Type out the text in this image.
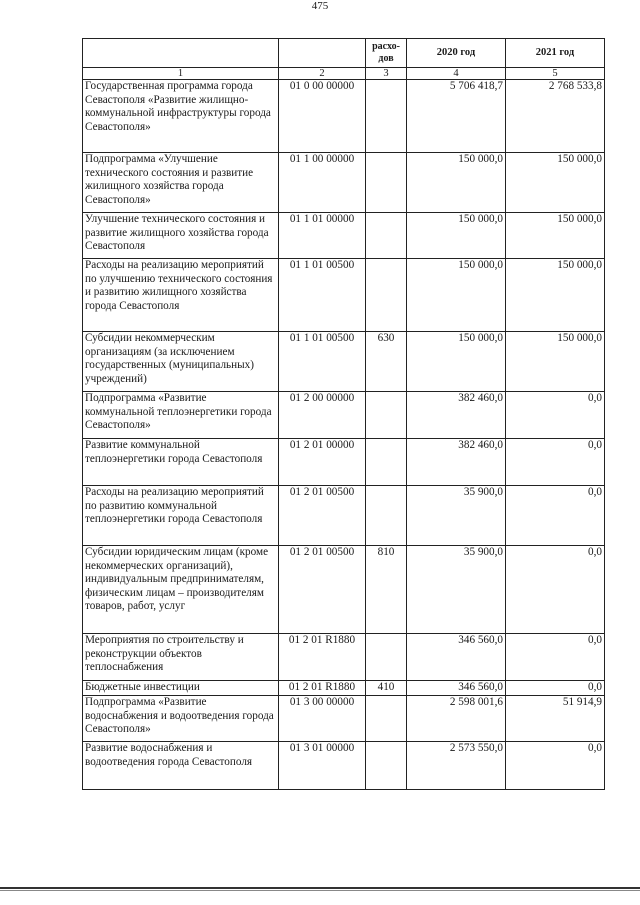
475
		расхо-
дов	2020 год	2021 год
1	2	3	4	5
Государственная программа города Севастополя «Развитие жилищно-коммунальной инфраструктуры города Севастополя»	01 0 00 00000		5 706 418,7	2 768 533,8
Подпрограмма «Улучшение технического состояния и развитие жилищного хозяйства города Севастополя»	01 1 00 00000		150 000,0	150 000,0
Улучшение технического состояния и развитие жилищного хозяйства города Севастополя	01 1 01 00000		150 000,0	150 000,0
Расходы на реализацию мероприятий по улучшению технического состояния и развитию жилищного хозяйства города Севастополя	01 1 01 00500		150 000,0	150 000,0
Субсидии некоммерческим организациям (за исключением государственных (муниципальных) учреждений)	01 1 01 00500	630	150 000,0	150 000,0
Подпрограмма «Развитие коммунальной теплоэнергетики города Севастополя»	01 2 00 00000		382 460,0	0,0
Развитие коммунальной теплоэнергетики города Севастополя	01 2 01 00000		382 460,0	0,0
Расходы на реализацию мероприятий по развитию коммунальной теплоэнергетики города Севастополя	01 2 01 00500		35 900,0	0,0
Субсидии юридическим лицам (кроме некоммерческих организаций), индивидуальным предпринимателям, физическим лицам – производителям товаров, работ, услуг	01 2 01 00500	810	35 900,0	0,0
Мероприятия по строительству и реконструкции объектов теплоснабжения	01 2 01 R1880		346 560,0	0,0
Бюджетные инвестиции	01 2 01 R1880	410	346 560,0	0,0
Подпрограмма «Развитие водоснабжения и водоотведения города Севастополя»	01 3 00 00000		2 598 001,6	51 914,9
Развитие водоснабжения и водоотведения города Севастополя	01 3 01 00000		2 573 550,0	0,0
